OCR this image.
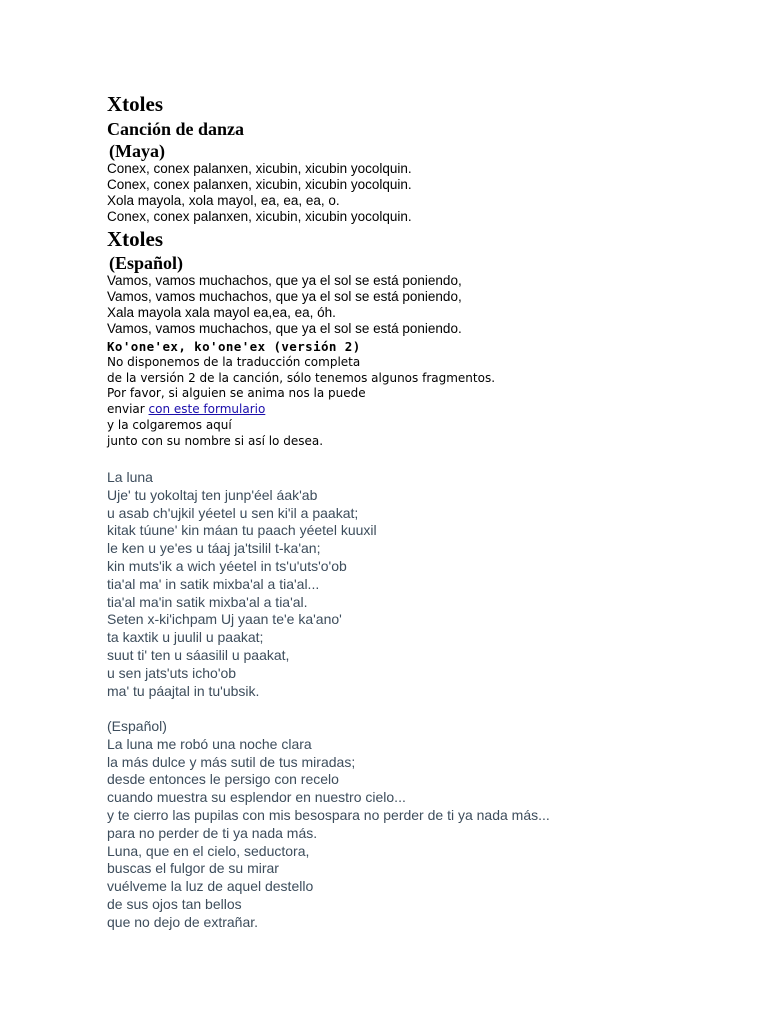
Xtoles
Canción de danza
(Maya)
Conex, conex palanxen, xicubin, xicubin yocolquin.
Conex, conex palanxen, xicubin, xicubin yocolquin.
Xola mayola, xola mayol, ea, ea, ea, o.
Conex, conex palanxen, xicubin, xicubin yocolquin.
Xtoles
(Español)
Vamos, vamos muchachos, que ya el sol se está poniendo,
Vamos, vamos muchachos, que ya el sol se está poniendo,
Xala mayola xala mayol ea,ea, ea, óh.
Vamos, vamos muchachos, que ya el sol se está poniendo.
Ko'one'ex, ko'one'ex (versión 2)
No disponemos de la traducción completa
de la versión 2 de la canción, sólo tenemos algunos fragmentos.
Por favor, si alguien se anima nos la puede
enviar con este formulario
y la colgaremos aquí
junto con su nombre si así lo desea.
La luna
Uje' tu yokoltaj ten junp'éel áak'ab
u asab ch'ujkil yéetel u sen ki'il a paakat;
kitak túune' kin máan tu paach yéetel kuuxil
le ken u ye'es u táaj ja'tsilil t-ka'an;
kin muts'ik a wich yéetel in ts'u'uts'o'ob
tia'al ma' in satik mixba'al a tia'al...
tia'al ma'in satik mixba'al a tia'al.
Seten x-ki'ichpam Uj yaan te'e ka'ano'
ta kaxtik u juulil u paakat;
suut ti' ten u sáasilil u paakat,
u sen jats'uts icho'ob
ma' tu páajtal in tu'ubsik.
(Español)
La luna me robó una noche clara
la más dulce y más sutil de tus miradas;
desde entonces le persigo con recelo
cuando muestra su esplendor en nuestro cielo...
y te cierro las pupilas con mis besospara no perder de ti ya nada más...
para no perder de ti ya nada más.
Luna, que en el cielo, seductora,
buscas el fulgor de su mirar
vuélveme la luz de aquel destello
de sus ojos tan bellos
que no dejo de extrañar.
